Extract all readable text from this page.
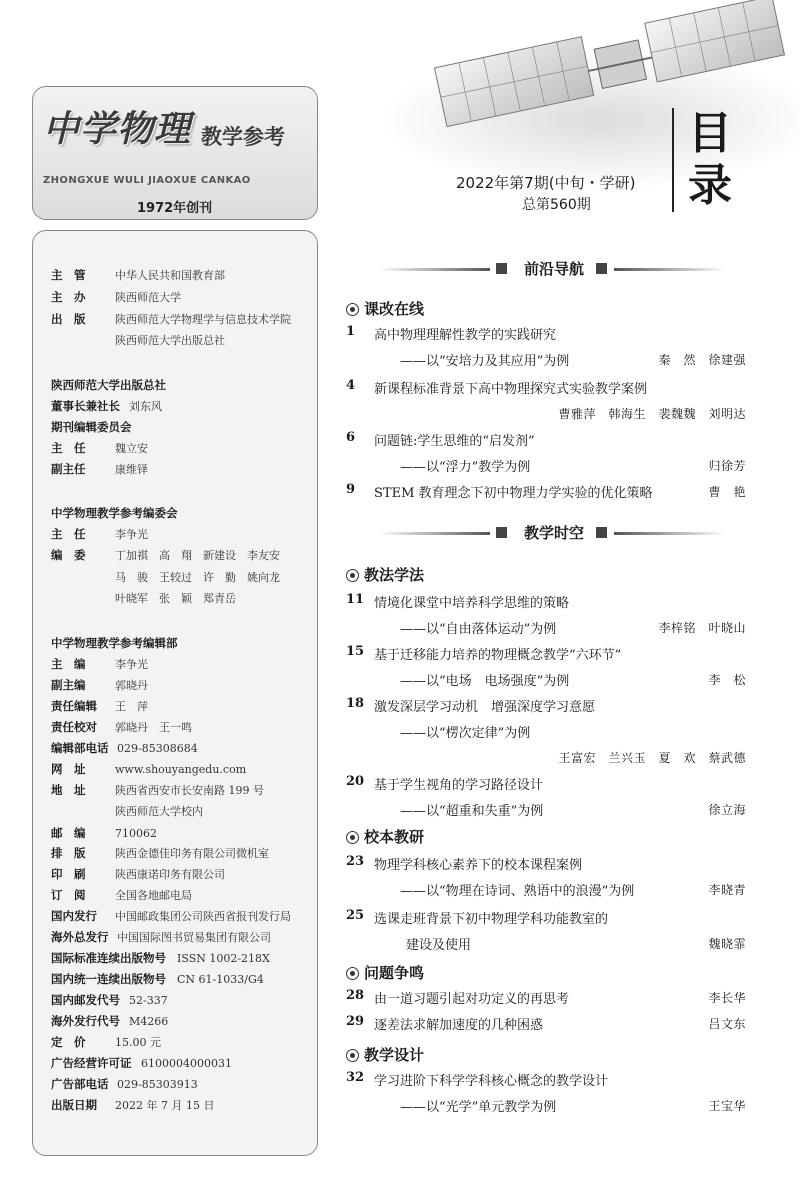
中学物理 教学参考
ZHONGXUE WULI JIAOXUE CANKAO
1972年创刊
2022年第7期(中旬・学研)
总第560期
目录
主　管	中华人民共和国教育部
主　办	陕西师范大学
出　版	陕西师范大学物理学与信息技术学院
陕西师范大学出版总社
陕西师范大学出版总社
董事长兼社长 刘东风
期刊编辑委员会
主　任	魏立安
副主任	康维铎
中学物理教学参考编委会
主　任	李争光
编　委	丁加祺　高　翔　新建设　李友安
马　骏　王较过　许　勤　姚向龙
叶晓军　张　颖　郑青岳
中学物理教学参考编辑部
主　编	李争光
副主编	郭晓丹
责任编辑 王　萍
责任校对 郭晓丹　王一鸣
编辑部电话 029-85308684
网　址	www.shouyangedu.com
地　址	陕西省西安市长安南路 199 号
陕西师范大学校内
邮　编	710062
排　版	陕西金德佳印务有限公司微机室
印　刷	陕西康诺印务有限公司
订　阅	全国各地邮电局
国内发行 中国邮政集团公司陕西省报刊发行局
海外总发行 中国国际图书贸易集团有限公司
国际标准连续出版物号 ISSN 1002-218X
国内统一连续出版物号 CN 61-1033/G4
国内邮发代号 52-337
海外发行代号 M4266
定　价	15.00 元
广告经营许可证 6100004000031
广告部电话 029-85303913
出版日期 2022 年 7 月 15 日
前沿导航
教学时空
课改在线
教法学法
校本教研
问题争鸣
教学设计
1 高中物理理解性教学的实践研究
——以“安培力及其应用”为例	秦　然　徐建强
4 新课程标准背景下高中物理探究式实验教学案例
曹雅萍　韩海生　裴魏魏　刘明达
6 问题链:学生思维的“启发剂”
——以“浮力”教学为例	归徐芳
9 STEM 教育理念下初中物理力学实验的优化策略	曹　艳
11 情境化课堂中培养科学思维的策略
——以“自由落体运动”为例	李梓铭　叶晓山
15 基于迁移能力培养的物理概念教学“六环节”
——以“电场　电场强度”为例	李　松
18 激发深层学习动机　增强深度学习意愿
——以“楞次定律”为例
王富宏　兰兴玉　夏　欢　蔡武德
20 基于学生视角的学习路径设计
——以“超重和失重”为例	徐立海
23 物理学科核心素养下的校本课程案例
——以“物理在诗词、熟语中的浪漫”为例	李晓青
25 选课走班背景下初中物理学科功能教室的
建设及使用	魏晓霏
28 由一道习题引起对功定义的再思考	李长华
29 逐差法求解加速度的几种困惑	吕文东
32 学习进阶下科学学科核心概念的教学设计
——以“光学”单元教学为例	王宝华
